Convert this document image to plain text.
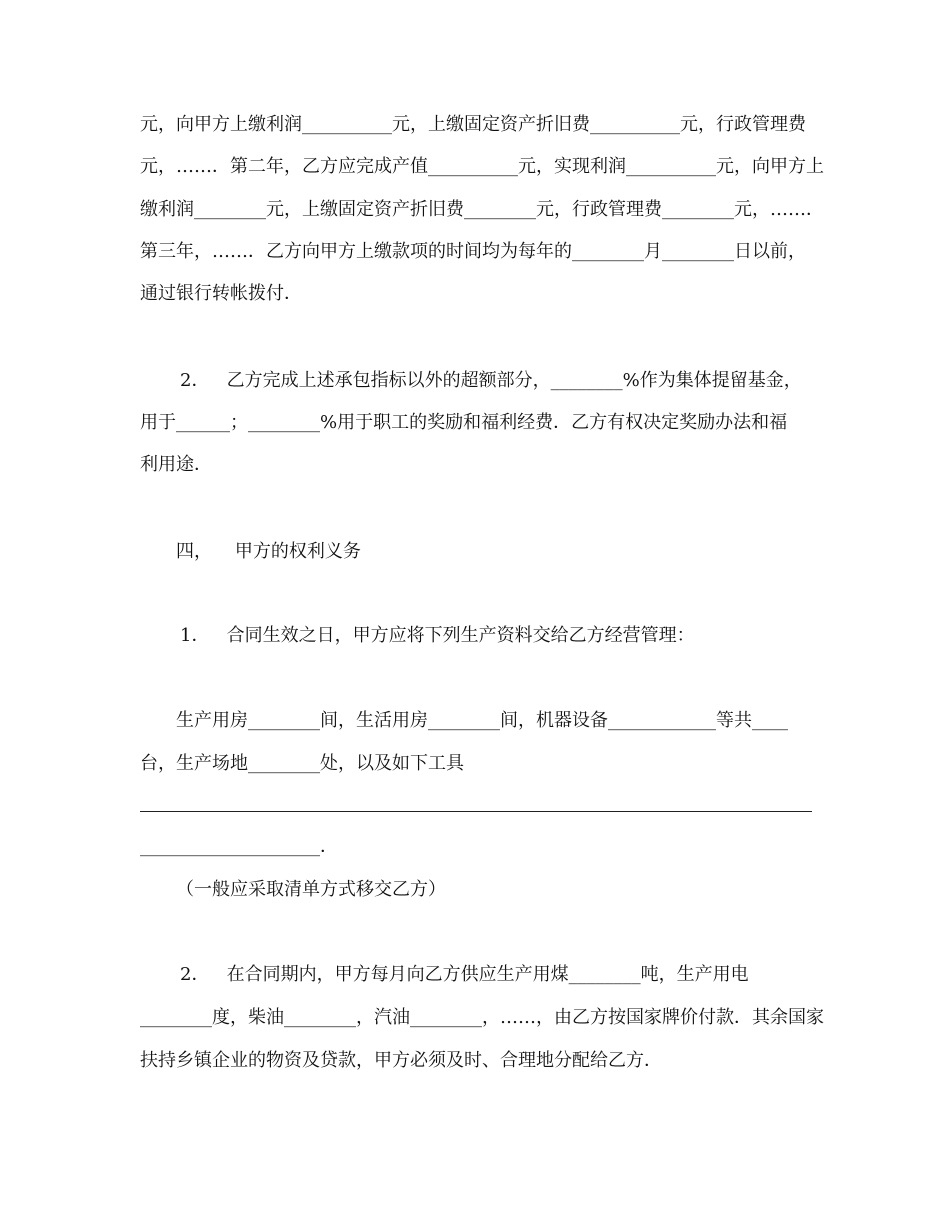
元，向甲方上缴利润__________元，上缴固定资产折旧费__________元，行政管理费
元，……．第二年，乙方应完成产值__________元，实现利润__________元，向甲方上
缴利润________元，上缴固定资产折旧费________元，行政管理费________元，……．
第三年，……．乙方向甲方上缴款项的时间均为每年的________月________日以前，
通过银行转帐拨付．
2．   乙方完成上述承包指标以外的超额部分，________%作为集体提留基金，
用于______；________%用于职工的奖励和福利经费．乙方有权决定奖励办法和福
利用途．
四，    甲方的权利义务
1．   合同生效之日，甲方应将下列生产资料交给乙方经营管理：
生产用房________间，生活用房________间，机器设备____________等共____
台，生产场地________处，以及如下工具
____________________．
（一般应采取清单方式移交乙方）
2．   在合同期内，甲方每月向乙方供应生产用煤________吨，生产用电
________度，柴油________，汽油________，……，由乙方按国家牌价付款．其余国家
扶持乡镇企业的物资及贷款，甲方必须及时、合理地分配给乙方．
